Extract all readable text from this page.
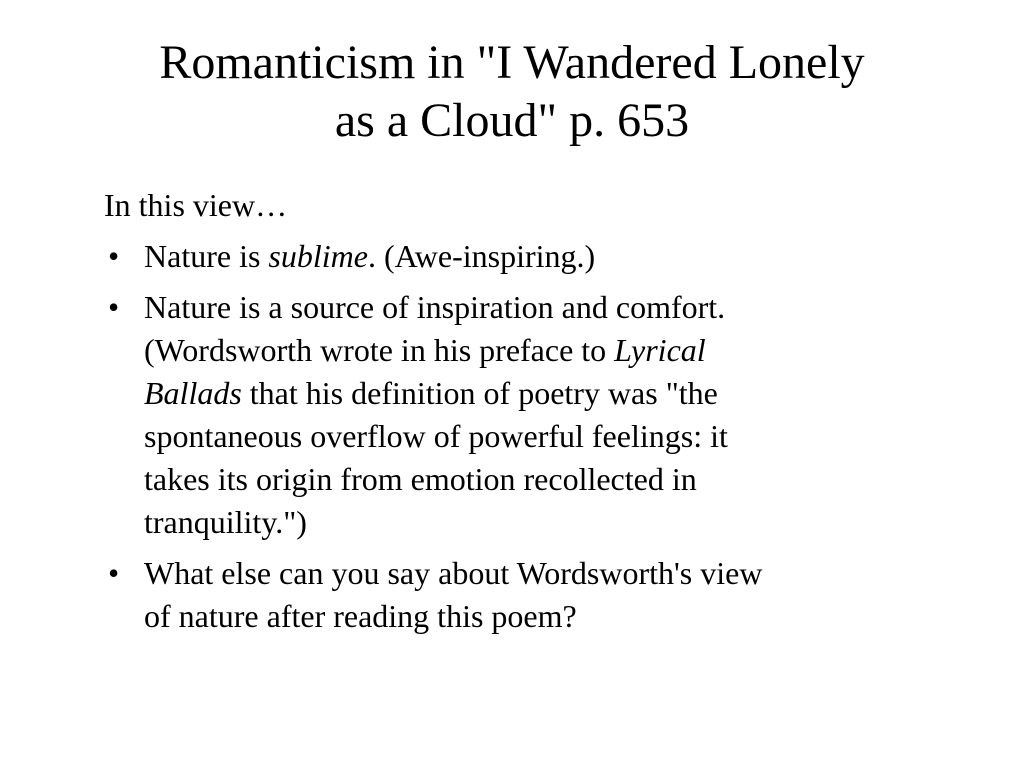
Romanticism in "I Wandered Lonely
as a Cloud" p. 653

In this view…

• Nature is sublime. (Awe-inspiring.)
• Nature is a source of inspiration and comfort.
(Wordsworth wrote in his preface to Lyrical
Ballads that his definition of poetry was "the
spontaneous overflow of powerful feelings: it
takes its origin from emotion recollected in
tranquility.")
• What else can you say about Wordsworth's view
of nature after reading this poem?
